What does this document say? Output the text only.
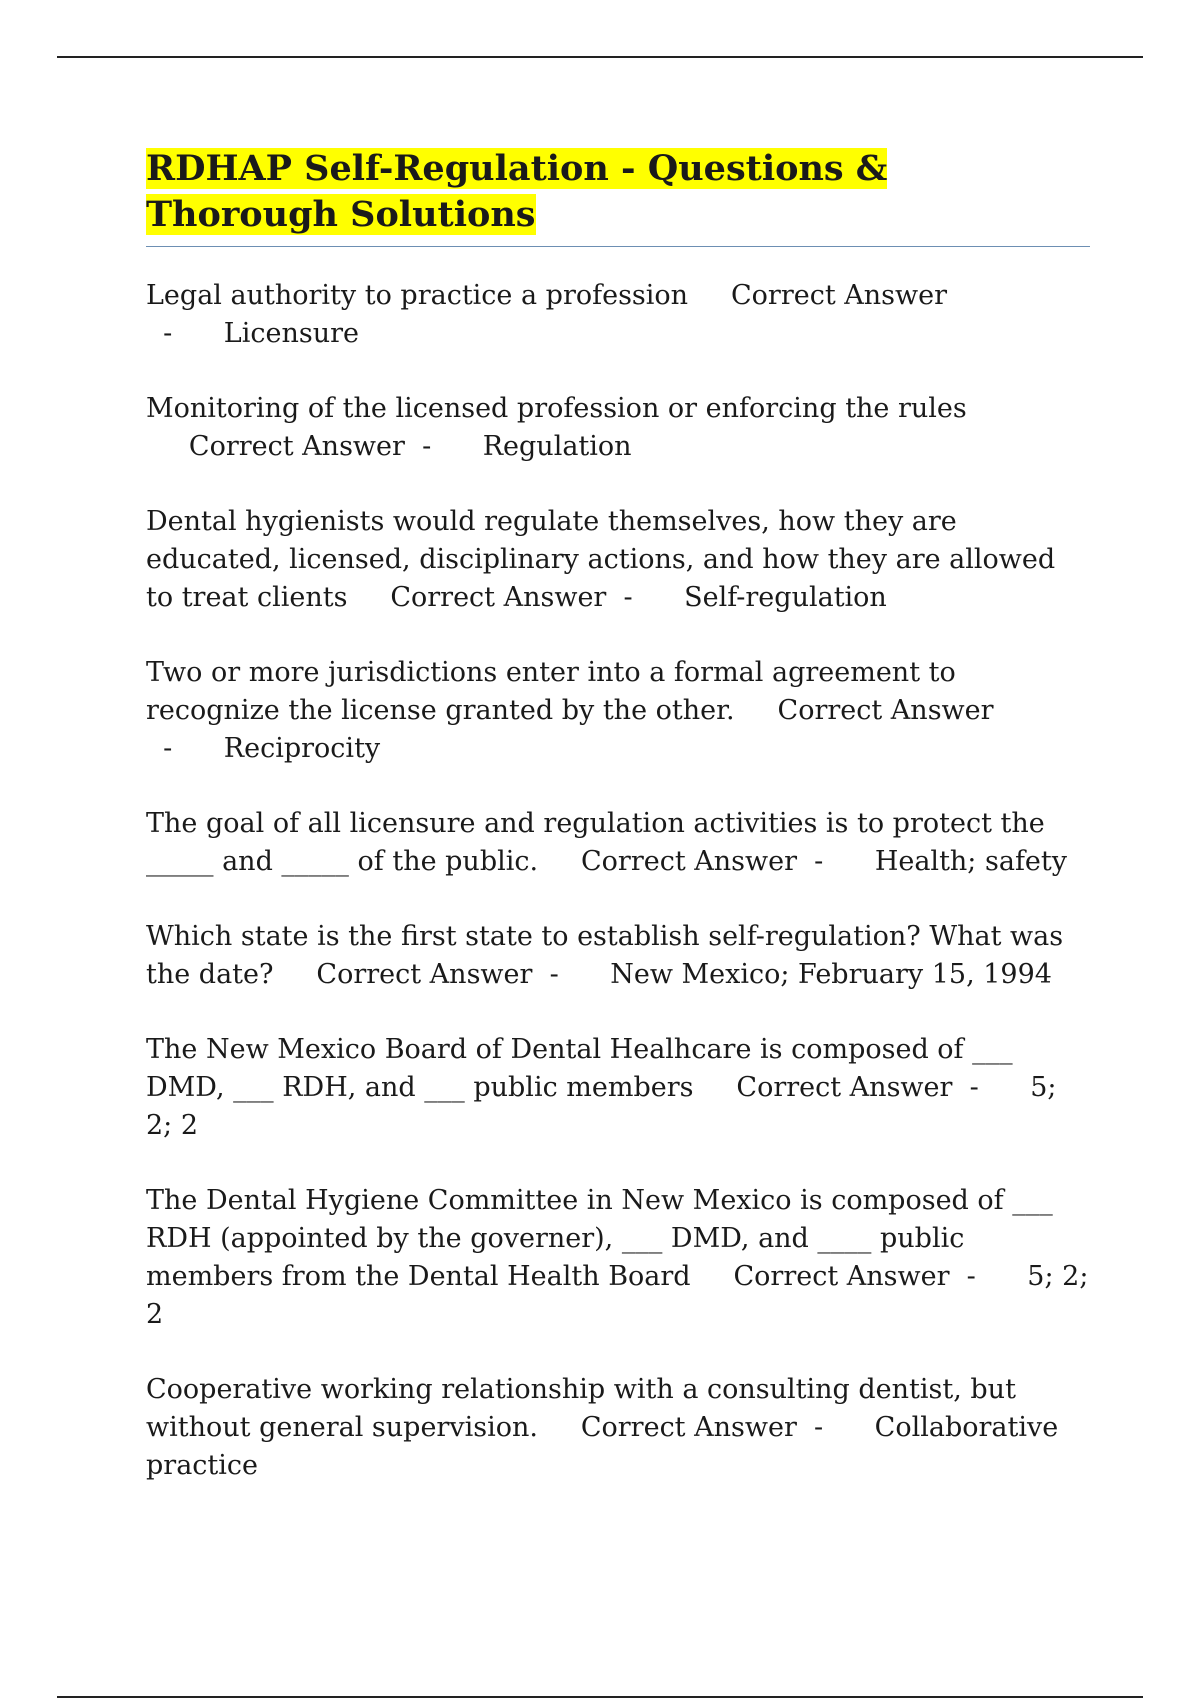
RDHAP Self-Regulation - Questions & Thorough Solutions

Legal authority to practice a profession Correct Answer  -      Licensure

Monitoring of the licensed profession or enforcing the rules     Correct Answer  -      Regulation

Dental hygienists would regulate themselves, how they are educated, licensed, disciplinary actions, and how they are allowed to treat clients Correct Answer  -      Self-regulation

Two or more jurisdictions enter into a formal agreement to recognize the license granted by the other. Correct Answer  -      Reciprocity

The goal of all licensure and regulation activities is to protect the _____ and _____ of the public. Correct Answer  -      Health; safety

Which state is the first state to establish self-regulation? What was the date? Correct Answer  -      New Mexico; February 15, 1994

The New Mexico Board of Dental Healhcare is composed of ___ DMD, ___ RDH, and ___ public members Correct Answer  -      5; 2; 2

The Dental Hygiene Committee in New Mexico is composed of ___ RDH (appointed by the governer), ___ DMD, and ____ public members from the Dental Health Board Correct Answer  -      5; 2; 2

Cooperative working relationship with a consulting dentist, but without general supervision. Correct Answer  -      Collaborative practice
